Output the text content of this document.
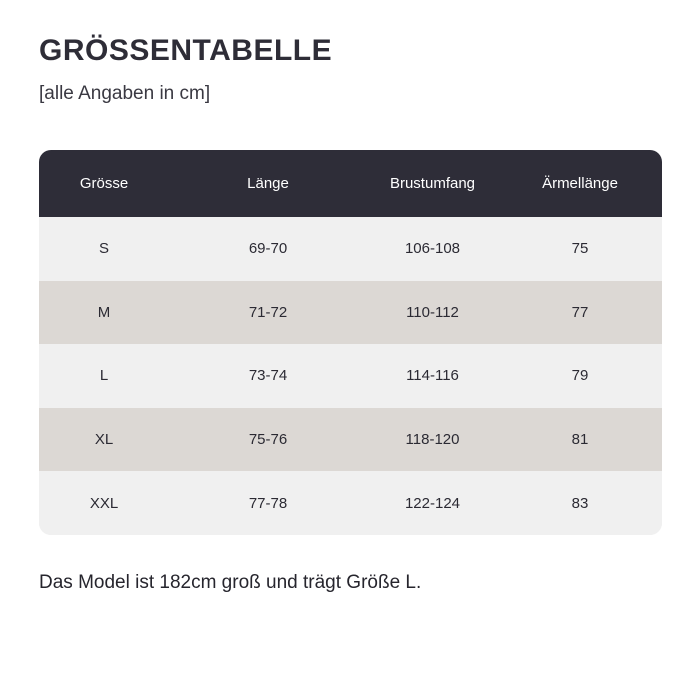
GRÖSSENTABELLE

[alle Angaben in cm]

Grösse	Länge	Brustumfang	Ärmellänge
S	69-70	106-108	75
M	71-72	110-112	77
L	73-74	114-116	79
XL	75-76	118-120	81
XXL	77-78	122-124	83

Das Model ist 182cm groß und trägt Größe L.
